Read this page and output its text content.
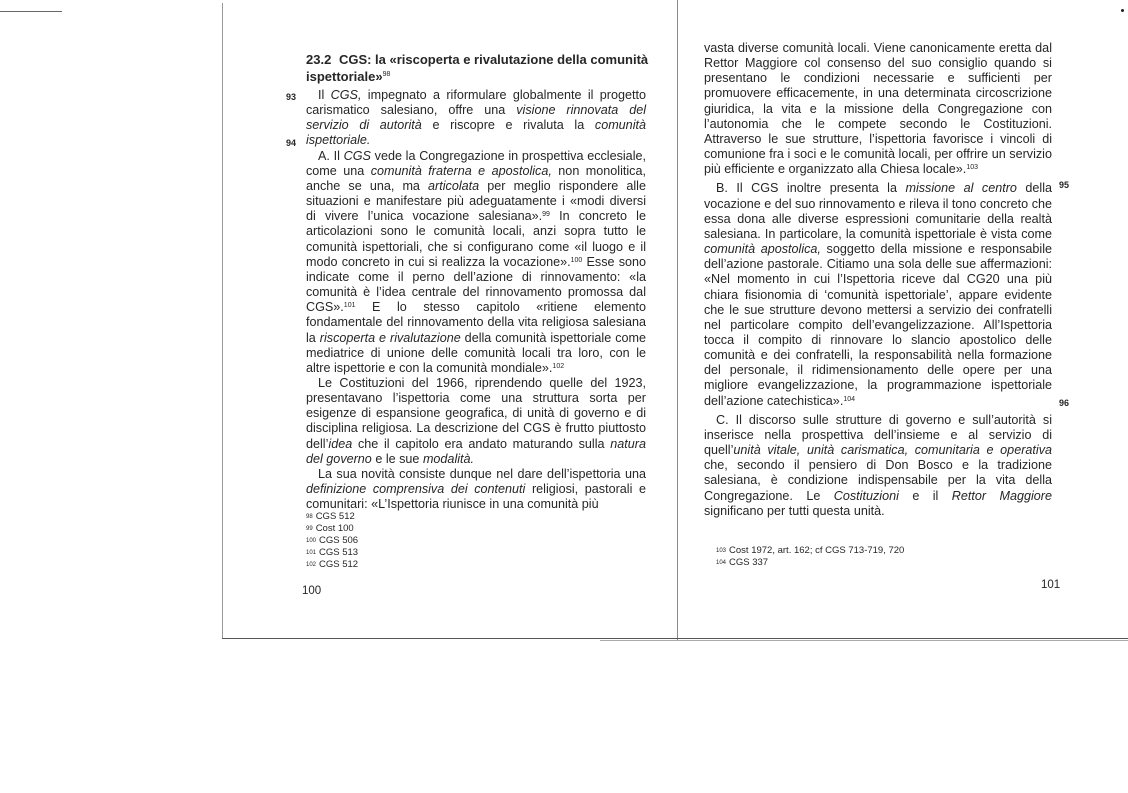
23.2 CGS: la «riscoperta e rivalutazione della comunità ispettoriale»$^{98}$
93
94

Il CGS, impegnato a riformulare globalmente il progetto carismatico salesiano, offre una visione rinnovata del servizio di autorità e riscopre e rivaluta la comunità ispettoriale.

A. Il CGS vede la Congregazione in prospettiva ecclesiale, come una comunità fraterna e apostolica, non monolitica, anche se una, ma articolata per meglio rispondere alle situazioni e manifestare più adeguatamente i «modi diversi di vivere l’unica vocazione salesiana».$^{99}$ In concreto le articolazioni sono le comunità locali, anzi sopra tutto le comunità ispettoriali, che si configurano come «il luogo e il modo concreto in cui si realizza la vocazione».$^{100}$ Esse sono indicate come il perno dell’azione di rinnovamento: «la comunità è l’idea centrale del rinnovamento promossa dal CGS».$^{101}$ E lo stesso capitolo «ritiene elemento fondamentale del rinnovamento della vita religiosa salesiana la riscoperta e rivalutazione della comunità ispettoriale come mediatrice di unione delle comunità locali tra loro, con le altre ispettorie e con la comunità mondiale».$^{102}$

Le Costituzioni del 1966, riprendendo quelle del 1923, presentavano l’ispettoria come una struttura sorta per esigenze di espansione geografica, di unità di governo e di disciplina religiosa. La descrizione del CGS è frutto piuttosto dell’idea che il capitolo era andato maturando sulla natura del governo e le sue modalità.

La sua novità consiste dunque nel dare dell’ispettoria una definizione comprensiva dei contenuti religiosi, pastorali e comunitari: «L’Ispettoria riunisce in una comunità più

$^{98}$ CGS 512
$^{99}$ Cost 100
$^{100}$ CGS 506
$^{101}$ CGS 513
$^{102}$ CGS 512
100
95
96

vasta diverse comunità locali. Viene canonicamente eretta dal Rettor Maggiore col consenso del suo consiglio quando si presentano le condizioni necessarie e sufficienti per promuovere efficacemente, in una determinata circoscrizione giuridica, la vita e la missione della Congregazione con l’autonomia che le compete secondo le Costituzioni. Attraverso le sue strutture, l’ispettoria favorisce i vincoli di comunione fra i soci e le comunità locali, per offrire un servizio più efficiente e organizzato alla Chiesa locale».$^{103}$

B. Il CGS inoltre presenta la missione al centro della vocazione e del suo rinnovamento e rileva il tono concreto che essa dona alle diverse espressioni comunitarie della realtà salesiana. In particolare, la comunità ispettoriale è vista come comunità apostolica, soggetto della missione e responsabile dell’azione pastorale. Citiamo una sola delle sue affermazioni: «Nel momento in cui l’Ispettoria riceve dal CG20 una più chiara fisionomia di ‘comunità ispettoriale’, appare evidente che le sue strutture devono mettersi a servizio dei confratelli nel particolare compito dell’evangelizzazione. All’Ispettoria tocca il compito di rinnovare lo slancio apostolico delle comunità e dei confratelli, la responsabilità nella formazione del personale, il ridimensionamento delle opere per una migliore evangelizzazione, la programmazione ispettoriale dell’azione catechistica».$^{104}$

C. Il discorso sulle strutture di governo e sull’autorità si inserisce nella prospettiva dell’insieme e al servizio di quell’unità vitale, unità carismatica, comunitaria e operativa che, secondo il pensiero di Don Bosco e la tradizione salesiana, è condizione indispensabile per la vita della Congregazione. Le Costituzioni e il Rettor Maggiore significano per tutti questa unità.

$^{103}$ Cost 1972, art. 162; cf CGS 713-719, 720
$^{104}$ CGS 337
101
